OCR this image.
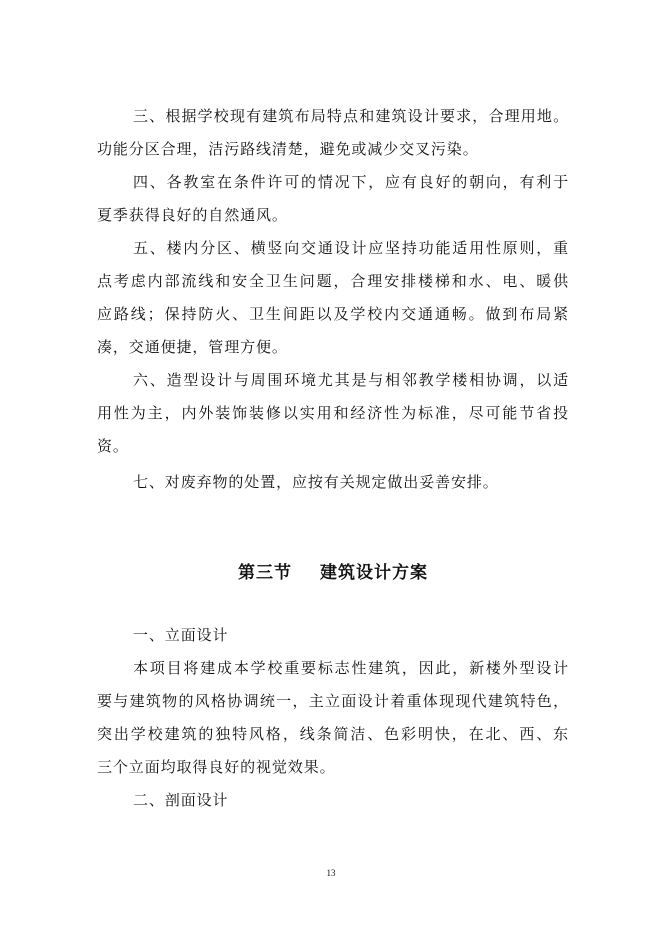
三、根据学校现有建筑布局特点和建筑设计要求，合理用地。
功能分区合理，洁污路线清楚，避免或减少交叉污染。
四、各教室在条件许可的情况下，应有良好的朝向，有利于
夏季获得良好的自然通风。
五、楼内分区、横竖向交通设计应坚持功能适用性原则，重
点考虑内部流线和安全卫生问题，合理安排楼梯和水、电、暖供
应路线；保持防火、卫生间距以及学校内交通通畅。做到布局紧
凑，交通便捷，管理方便。
六、造型设计与周围环境尤其是与相邻教学楼相协调，以适
用性为主，内外装饰装修以实用和经济性为标准，尽可能节省投
资。
七、对废弃物的处置，应按有关规定做出妥善安排。
第三节 建筑设计方案
一、立面设计
本项目将建成本学校重要标志性建筑，因此，新楼外型设计
要与建筑物的风格协调统一，主立面设计着重体现现代建筑特色，
突出学校建筑的独特风格，线条简洁、色彩明快，在北、西、东
三个立面均取得良好的视觉效果。
二、剖面设计
13
